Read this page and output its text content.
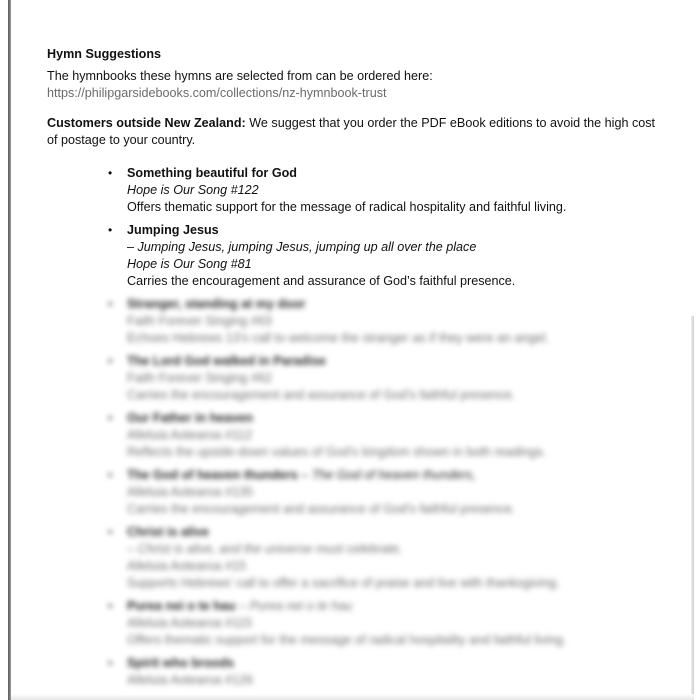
Hymn Suggestions

The hymnbooks these hymns are selected from can be ordered here:

https://philipgarsidebooks.com/collections/nz-hymnbook-trust

Customers outside New Zealand: We suggest that you order the PDF eBook editions to avoid the high cost of postage to your country.

• Something beautiful for God
Hope is Our Song #122
Offers thematic support for the message of radical hospitality and faithful living.
• Jumping Jesus
– Jumping Jesus, jumping Jesus, jumping up all over the place
Hope is Our Song #81
Carries the encouragement and assurance of God’s faithful presence.
• Stranger, standing at my door
Faith Forever Singing #63
Echoes Hebrews 13’s call to welcome the stranger as if they were an angel.
• The Lord God walked in Paradise
Faith Forever Singing #62
Carries the encouragement and assurance of God’s faithful presence.
• Our Father in heaven
Alleluia Aotearoa #112
Reflects the upside-down values of God’s kingdom shown in both readings.
• The God of heaven thunders – The God of heaven thunders,
Alleluia Aotearoa #135
Carries the encouragement and assurance of God’s faithful presence.
• Christ is alive
– Christ is alive, and the universe must celebrate,
Alleluia Aotearoa #15
Supports Hebrews’ call to offer a sacrifice of praise and live with thanksgiving.
• Purea nei o te hau – Purea nei o te hau
Alleluia Aotearoa #115
Offers thematic support for the message of radical hospitality and faithful living.
• Spirit who broods
Alleluia Aotearoa #126
